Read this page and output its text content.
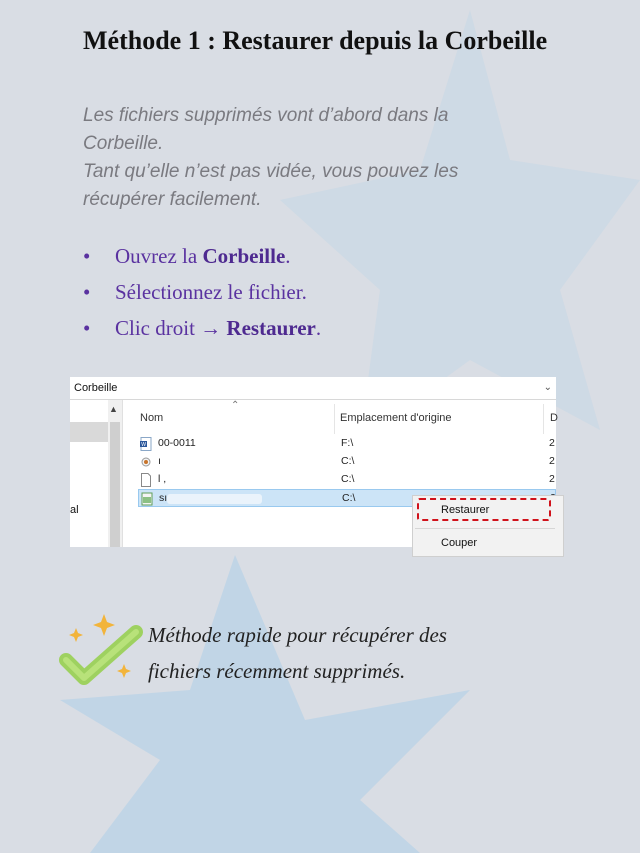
Méthode 1 : Restaurer depuis la Corbeille
Les fichiers supprimés vont d’abord dans la
Corbeille.
Tant qu’elle n’est pas vidée, vous pouvez les
récupérer facilement.
• Ouvrez la Corbeille.
• Sélectionnez le fichier.
• Clic droit → Restaurer.
Corbeille	⌄
al
▲	⌃
Nom	Emplacement d'origine	D
W 00-0011	F:\	2
ı	C:\	2
l ,	C:\	2
sı	C:\
Restaurer
Couper
Méthode rapide pour récupérer des
fichiers récemment supprimés.
